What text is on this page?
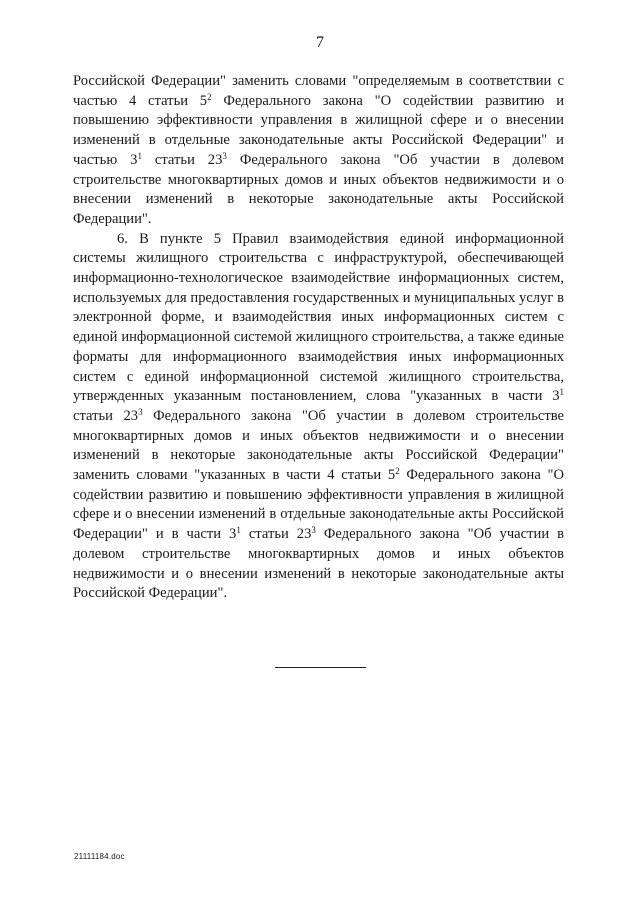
7

Российской Федерации" заменить словами "определяемым в соответствии с частью 4 статьи $5^2$ Федерального закона "О содействии развитию и повышению эффективности управления в жилищной сфере и о внесении изменений в отдельные законодательные акты Российской Федерации" и частью $3^1$ статьи $23^3$ Федерального закона "Об участии в долевом строительстве многоквартирных домов и иных объектов недвижимости и о внесении изменений в некоторые законодательные акты Российской Федерации".

6. В пункте 5 Правил взаимодействия единой информационной системы жилищного строительства с инфраструктурой, обеспечивающей информационно-технологическое взаимодействие информационных систем, используемых для предоставления государственных и муниципальных услуг в электронной форме, и взаимодействия иных информационных систем с единой информационной системой жилищного строительства, а также единые форматы для информационного взаимодействия иных информационных систем с единой информационной системой жилищного строительства, утвержденных указанным постановлением, слова "указанных в части $3^1$ статьи $23^3$ Федерального закона "Об участии в долевом строительстве многоквартирных домов и иных объектов недвижимости и о внесении изменений в некоторые законодательные акты Российской Федерации" заменить словами "указанных в части 4 статьи $5^2$ Федерального закона "О содействии развитию и повышению эффективности управления в жилищной сфере и о внесении изменений в отдельные законодательные акты Российской Федерации" и в части $3^1$ статьи $23^3$ Федерального закона "Об участии в долевом строительстве многоквартирных домов и иных объектов недвижимости и о внесении изменений в некоторые законодательные акты Российской Федерации".

21111184.doc
